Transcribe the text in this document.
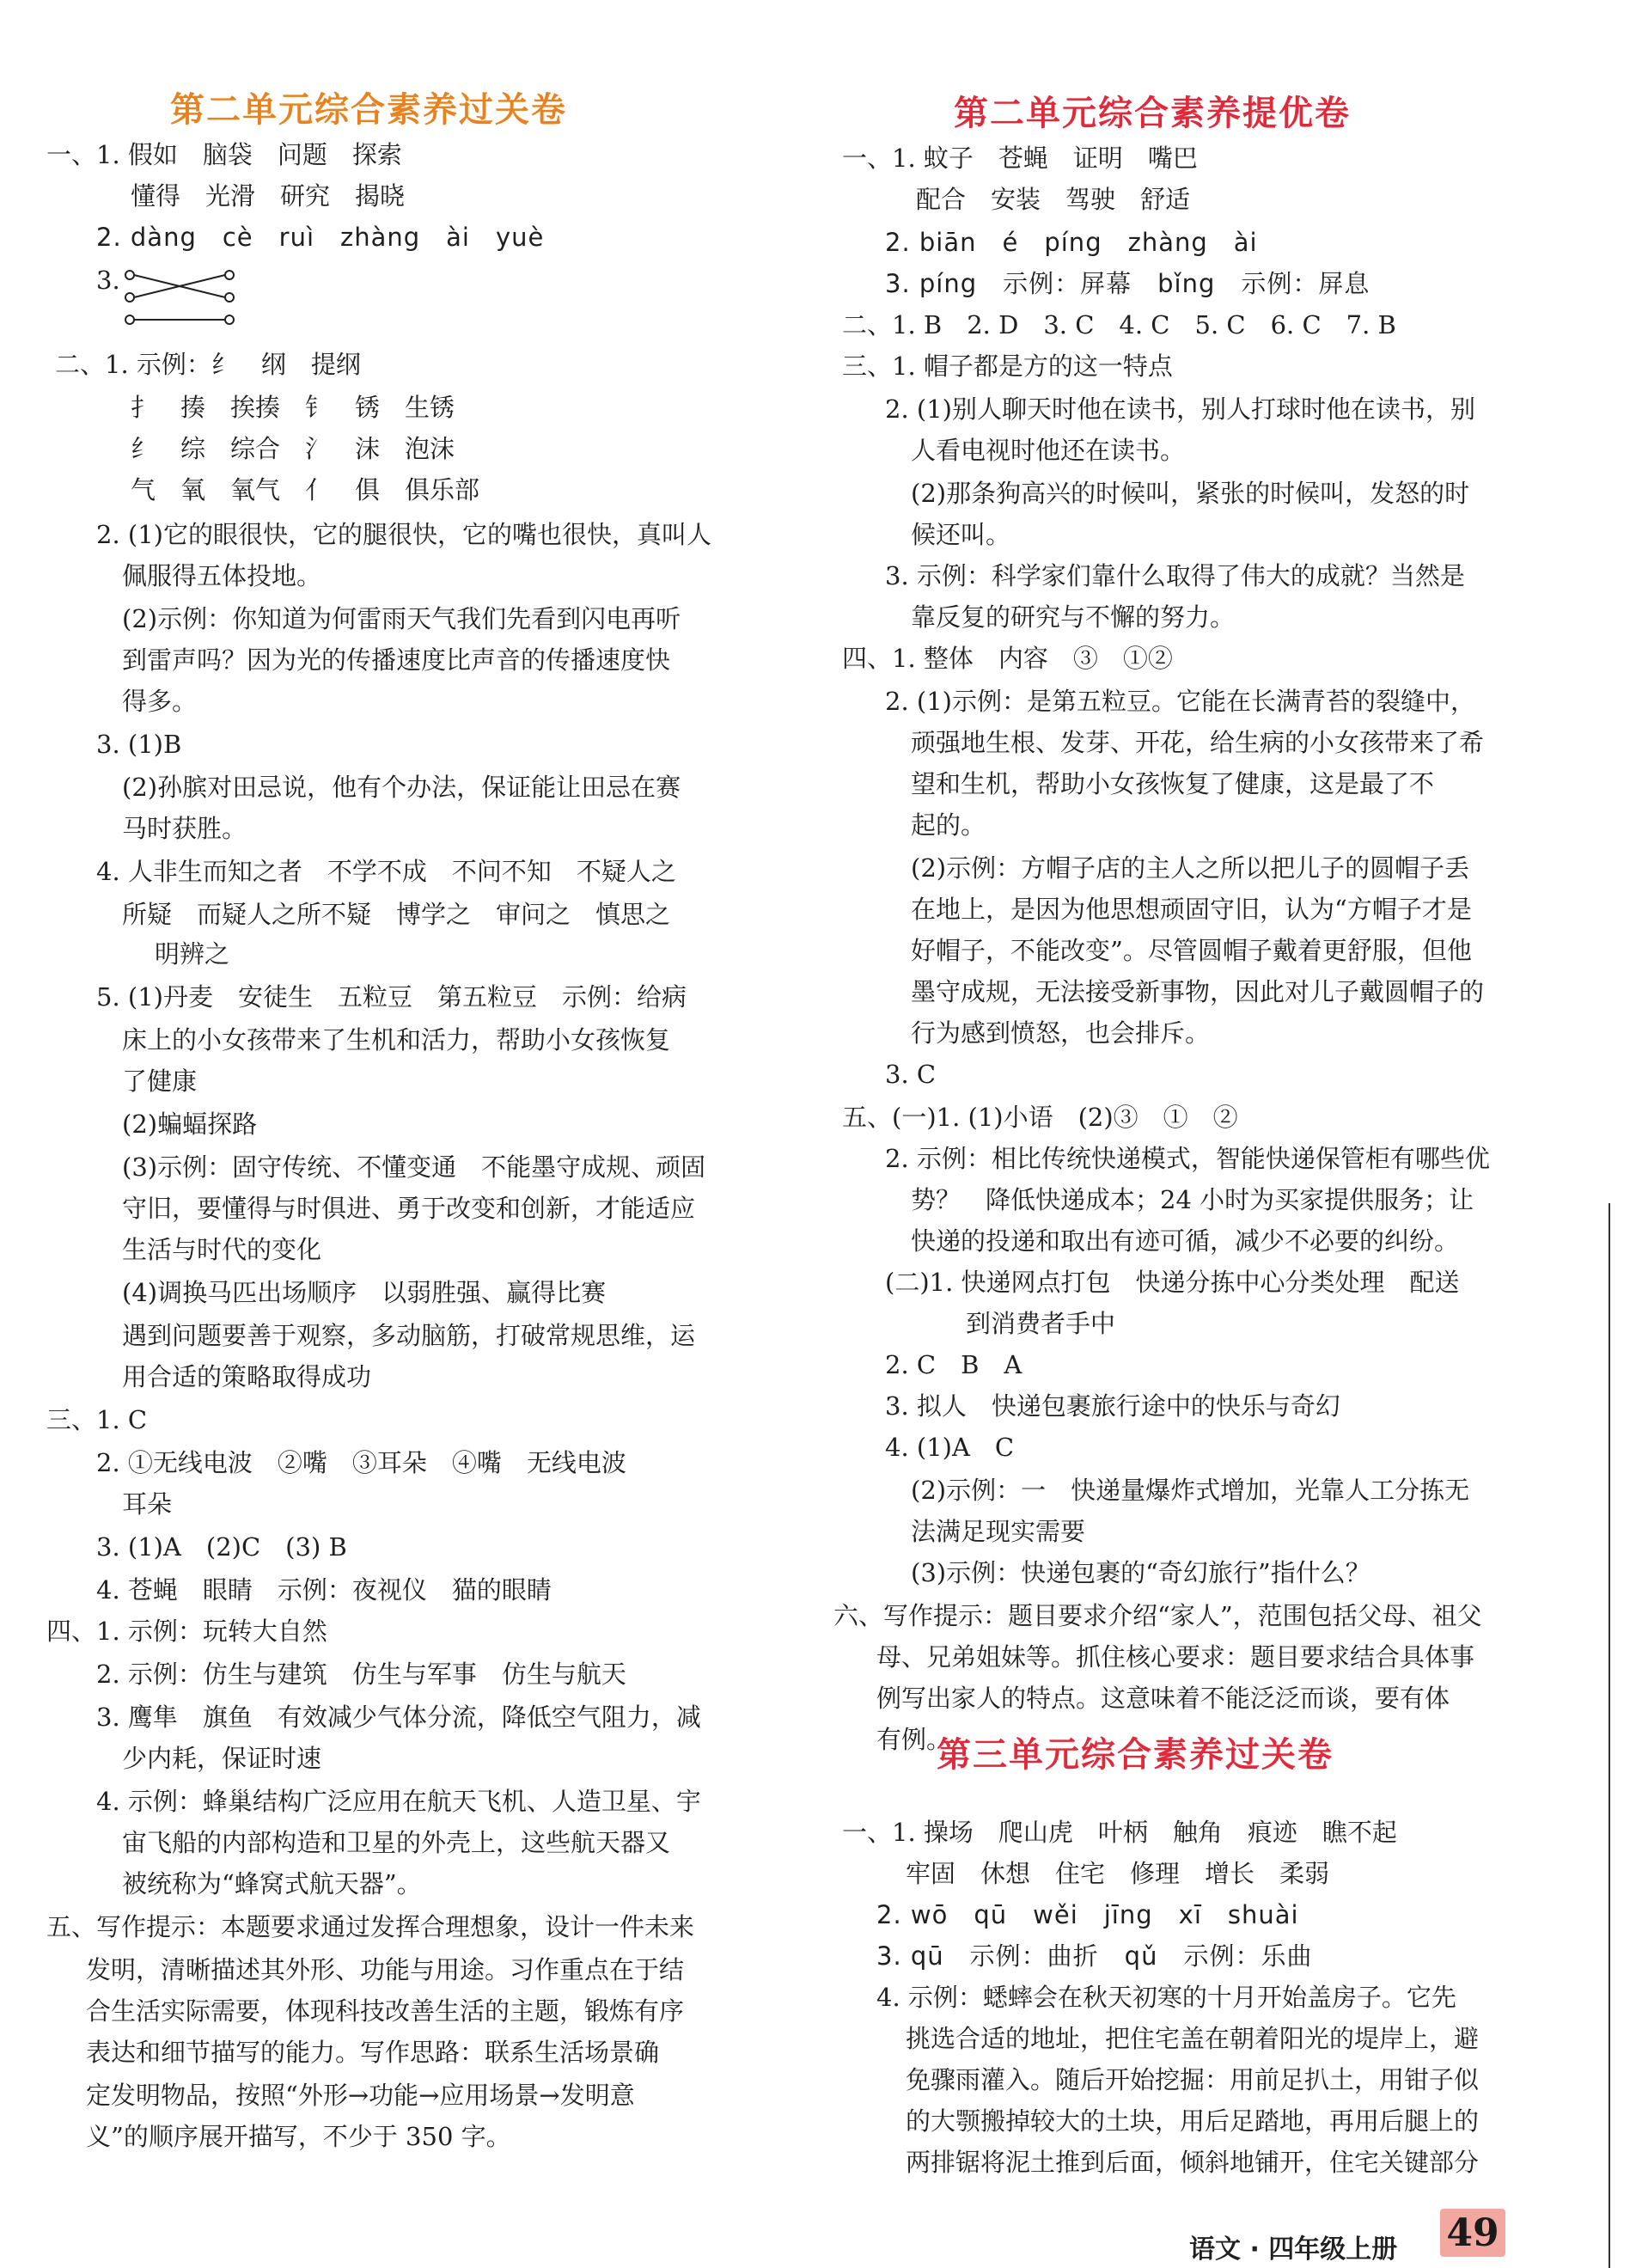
第二单元综合素养过关卷	第二单元综合素养提优卷
第三单元综合素养过关卷
一、1. 假如　脑袋　问题　探索
懂得　光滑　研究　揭晓
2. dàng　cè　ruì　zhàng　ài　yuè
3.
二、1. 示例：纟　纲　提纲
扌　揍　挨揍　钅　锈　生锈
纟　综　综合　氵　沫　泡沫
气　氧　氧气　亻　俱　俱乐部
2. (1)它的眼很快，它的腿很快，它的嘴也很快，真叫人
佩服得五体投地。
(2)示例：你知道为何雷雨天气我们先看到闪电再听
到雷声吗？因为光的传播速度比声音的传播速度快
得多。
3. (1)B
(2)孙膑对田忌说，他有个办法，保证能让田忌在赛
马时获胜。
4. 人非生而知之者　不学不成　不问不知　不疑人之
所疑　而疑人之所不疑　博学之　审问之　慎思之
明辨之
5. (1)丹麦　安徒生　五粒豆　第五粒豆　示例：给病
床上的小女孩带来了生机和活力，帮助小女孩恢复
了健康
(2)蝙蝠探路
(3)示例：固守传统、不懂变通　不能墨守成规、顽固
守旧，要懂得与时俱进、勇于改变和创新，才能适应
生活与时代的变化
(4)调换马匹出场顺序　以弱胜强、赢得比赛
遇到问题要善于观察，多动脑筋，打破常规思维，运
用合适的策略取得成功
三、1. C
2. ①无线电波　②嘴　③耳朵　④嘴　无线电波
耳朵
3. (1)A　(2)C　(3) B
4. 苍蝇　眼睛　示例：夜视仪　猫的眼睛
四、1. 示例：玩转大自然
2. 示例：仿生与建筑　仿生与军事　仿生与航天
3. 鹰隼　旗鱼　有效减少气体分流，降低空气阻力，减
少内耗，保证时速
4. 示例：蜂巢结构广泛应用在航天飞机、人造卫星、宇
宙飞船的内部构造和卫星的外壳上，这些航天器又
被统称为“蜂窝式航天器”。
五、写作提示：本题要求通过发挥合理想象，设计一件未来
发明，清晰描述其外形、功能与用途。习作重点在于结
合生活实际需要，体现科技改善生活的主题，锻炼有序
表达和细节描写的能力。写作思路：联系生活场景确
定发明物品，按照“外形→功能→应用场景→发明意
义”的顺序展开描写，不少于 350 字。
一、1. 蚊子　苍蝇　证明　嘴巴
配合　安装　驾驶　舒适
2. biān　é　píng　zhàng　ài
3. píng　示例：屏幕　bǐng　示例：屏息
二、1. B　2. D　3. C　4. C　5. C　6. C　7. B
三、1. 帽子都是方的这一特点
2. (1)别人聊天时他在读书，别人打球时他在读书，别
人看电视时他还在读书。
(2)那条狗高兴的时候叫，紧张的时候叫，发怒的时
候还叫。
3. 示例：科学家们靠什么取得了伟大的成就？当然是
靠反复的研究与不懈的努力。
四、1. 整体　内容　③　①②
2. (1)示例：是第五粒豆。它能在长满青苔的裂缝中，
顽强地生根、发芽、开花，给生病的小女孩带来了希
望和生机，帮助小女孩恢复了健康，这是最了不
起的。
(2)示例：方帽子店的主人之所以把儿子的圆帽子丢
在地上，是因为他思想顽固守旧，认为“方帽子才是
好帽子，不能改变”。尽管圆帽子戴着更舒服，但他
墨守成规，无法接受新事物，因此对儿子戴圆帽子的
行为感到愤怒，也会排斥。
3. C
五、(一)1. (1)小语　(2)③　①　②
2. 示例：相比传统快递模式，智能快递保管柜有哪些优
势？　降低快递成本；24 小时为买家提供服务；让
快递的投递和取出有迹可循，减少不必要的纠纷。
(二)1. 快递网点打包　快递分拣中心分类处理　配送
到消费者手中
2. C　B　A
3. 拟人　快递包裹旅行途中的快乐与奇幻
4. (1)A　C
(2)示例：一　快递量爆炸式增加，光靠人工分拣无
法满足现实需要
(3)示例：快递包裹的“奇幻旅行”指什么？
六、写作提示：题目要求介绍“家人”，范围包括父母、祖父
母、兄弟姐妹等。抓住核心要求：题目要求结合具体事
例写出家人的特点。这意味着不能泛泛而谈，要有体
有例。
一、1. 操场　爬山虎　叶柄　触角　痕迹　瞧不起
牢固　休想　住宅　修理　增长　柔弱
2. wō　qū　wěi　jīng　xī　shuài
3. qū　示例：曲折　qǔ　示例：乐曲
4. 示例：蟋蟀会在秋天初寒的十月开始盖房子。它先
挑选合适的地址，把住宅盖在朝着阳光的堤岸上，避
免骤雨灌入。随后开始挖掘：用前足扒土，用钳子似
的大颚搬掉较大的土块，用后足踏地，再用后腿上的
两排锯将泥土推到后面，倾斜地铺开，住宅关键部分
语文 · 四年级上册 49
